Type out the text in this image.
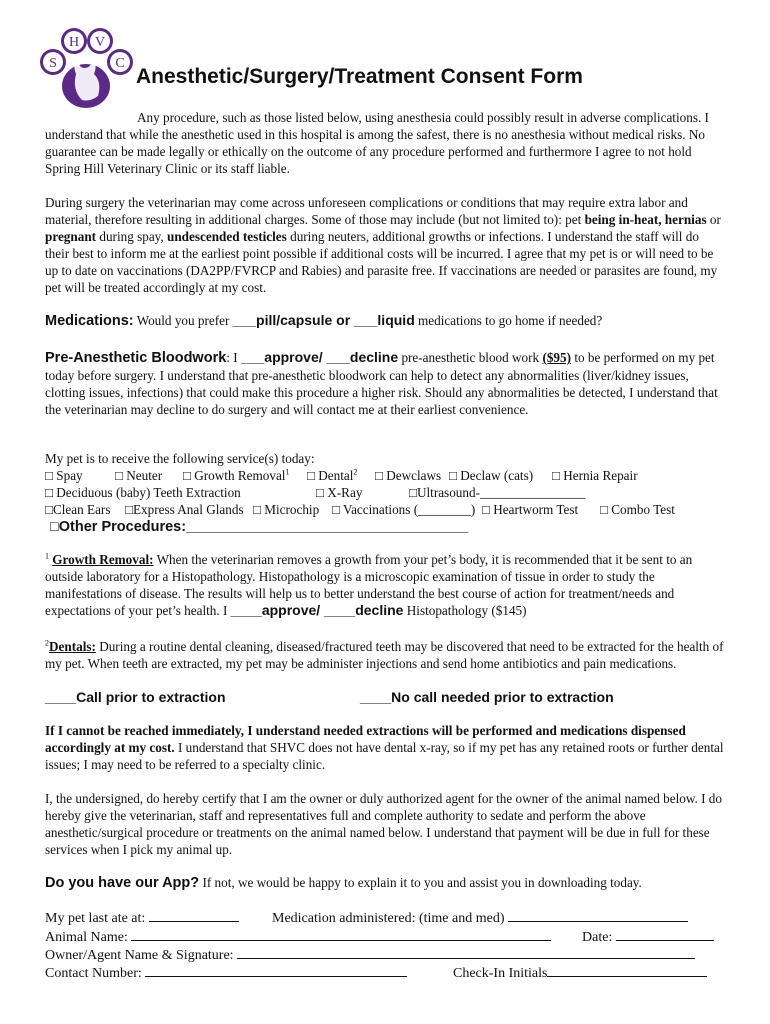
S
H V
C
Anesthetic/Surgery/Treatment Consent Form

Any procedure, such as those listed below, using anesthesia could possibly result in adverse complications. I understand that while the anesthetic used in this hospital is among the safest, there is no anesthesia without medical risks. No guarantee can be made legally or ethically on the outcome of any procedure performed and furthermore I agree to not hold Spring Hill Veterinary Clinic or its staff liable.

During surgery the veterinarian may come across unforeseen complications or conditions that may require extra labor and material, therefore resulting in additional charges. Some of those may include (but not limited to): pet being in-heat, hernias or pregnant during spay, undescended testicles during neuters, additional growths or infections. I understand the staff will do their best to inform me at the earliest point possible if additional costs will be incurred. I agree that my pet is or will need to be up to date on vaccinations (DA2PP/FVRCP and Rabies) and parasite free. If vaccinations are needed or parasites are found, my pet will be treated accordingly at my cost.

Medications: Would you prefer ___pill/capsule or ___liquid medications to go home if needed?

Pre-Anesthetic Bloodwork: I ___approve/ ___decline pre-anesthetic blood work ($95) to be performed on my pet today before surgery. I understand that pre-anesthetic bloodwork can help to detect any abnormalities (liver/kidney issues, clotting issues, infections) that could make this procedure a higher risk. Should any abnormalities be detected, I understand that the veterinarian may decline to do surgery and will contact me at their earliest convenience.

My pet is to receive the following service(s) today:
□ Spay □ Neuter □ Growth Removal$^1$ □ Dental$^2$ □ Dewclaws □ Declaw (cats) □ Hernia Repair
□ Deciduous (baby) Teeth Extraction	□ X-Ray	□Ultrasound-________________
□Clean Ears □Express Anal Glands □ Microchip □ Vaccinations (________) □ Heartworm Test □ Combo Test
□Other Procedures:___________________________________

$^1$ Growth Removal: When the veterinarian removes a growth from your pet’s body, it is recommended that it be sent to an outside laboratory for a Histopathology. Histopathology is a microscopic examination of tissue in order to study the manifestations of disease. The results will help us to better understand the best course of action for treatment/needs and expectations of your pet’s health. I ____approve/ ____decline Histopathology ($145)

$^2$Dentals: During a routine dental cleaning, diseased/fractured teeth may be discovered that need to be extracted for the health of my pet. When teeth are extracted, my pet may be administer injections and send home antibiotics and pain medications.

____Call prior to extraction	____No call needed prior to extraction

If I cannot be reached immediately, I understand needed extractions will be performed and medications dispensed accordingly at my cost. I understand that SHVC does not have dental x-ray, so if my pet has any retained roots or further dental issues; I may need to be referred to a specialty clinic.

I, the undersigned, do hereby certify that I am the owner or duly authorized agent for the owner of the animal named below. I do hereby give the veterinarian, staff and representatives full and complete authority to sedate and perform the above anesthetic/surgical procedure or treatments on the animal named below. I understand that payment will be due in full for these services when I pick my animal up.

Do you have our App? If not, we would be happy to explain it to you and assist you in downloading today.
My pet last ate at:	Medication administered: (time and med)
Animal Name:	Date:
Owner/Agent Name & Signature:
Contact Number:	Check-In Initials
